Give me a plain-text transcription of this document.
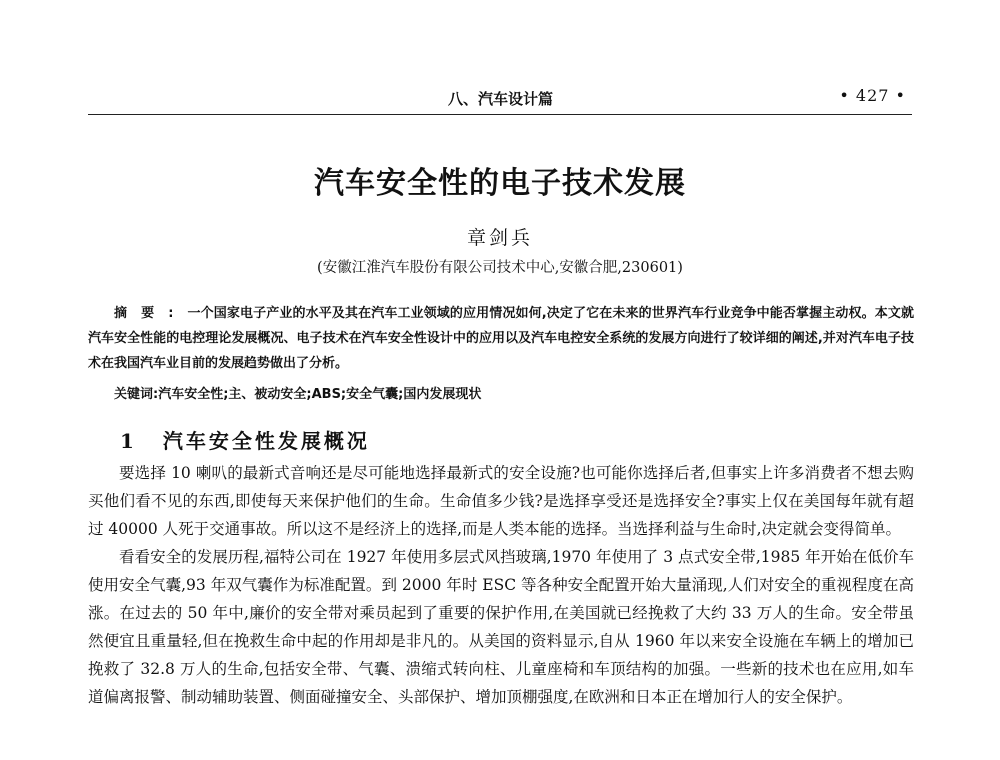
八、汽车设计篇	• 427 •
汽车安全性的电子技术发展
章剑兵
(安徽江淮汽车股份有限公司技术中心,安徽合肥,230601)

摘要:一个国家电子产业的水平及其在汽车工业领域的应用情况如何,决定了它在未来的世界汽车行业竞争中能否掌握主动权。本文就汽车安全性能的电控理论发展概况、电子技术在汽车安全性设计中的应用以及汽车电控安全系统的发展方向进行了较详细的阐述,并对汽车电子技术在我国汽车业目前的发展趋势做出了分析。

关键词:汽车安全性;主、被动安全;ABS;安全气囊;国内发展现状

1 汽车安全性发展概况

要选择 10 喇叭的最新式音响还是尽可能地选择最新式的安全设施?也可能你选择后者,但事实上许多消费者不想去购买他们看不见的东西,即使每天来保护他们的生命。生命值多少钱?是选择享受还是选择安全?事实上仅在美国每年就有超过 40000 人死于交通事故。所以这不是经济上的选择,而是人类本能的选择。当选择利益与生命时,决定就会变得简单。

看看安全的发展历程,福特公司在 1927 年使用多层式风挡玻璃,1970 年使用了 3 点式安全带,1985 年开始在低价车使用安全气囊,93 年双气囊作为标准配置。到 2000 年时 ESC 等各种安全配置开始大量涌现,人们对安全的重视程度在高涨。在过去的 50 年中,廉价的安全带对乘员起到了重要的保护作用,在美国就已经挽救了大约 33 万人的生命。安全带虽然便宜且重量轻,但在挽救生命中起的作用却是非凡的。从美国的资料显示,自从 1960 年以来安全设施在车辆上的增加已挽救了 32.8 万人的生命,包括安全带、气囊、溃缩式转向柱、儿童座椅和车顶结构的加强。一些新的技术也在应用,如车道偏离报警、制动辅助装置、侧面碰撞安全、头部保护、增加顶棚强度,在欧洲和日本正在增加行人的安全保护。
